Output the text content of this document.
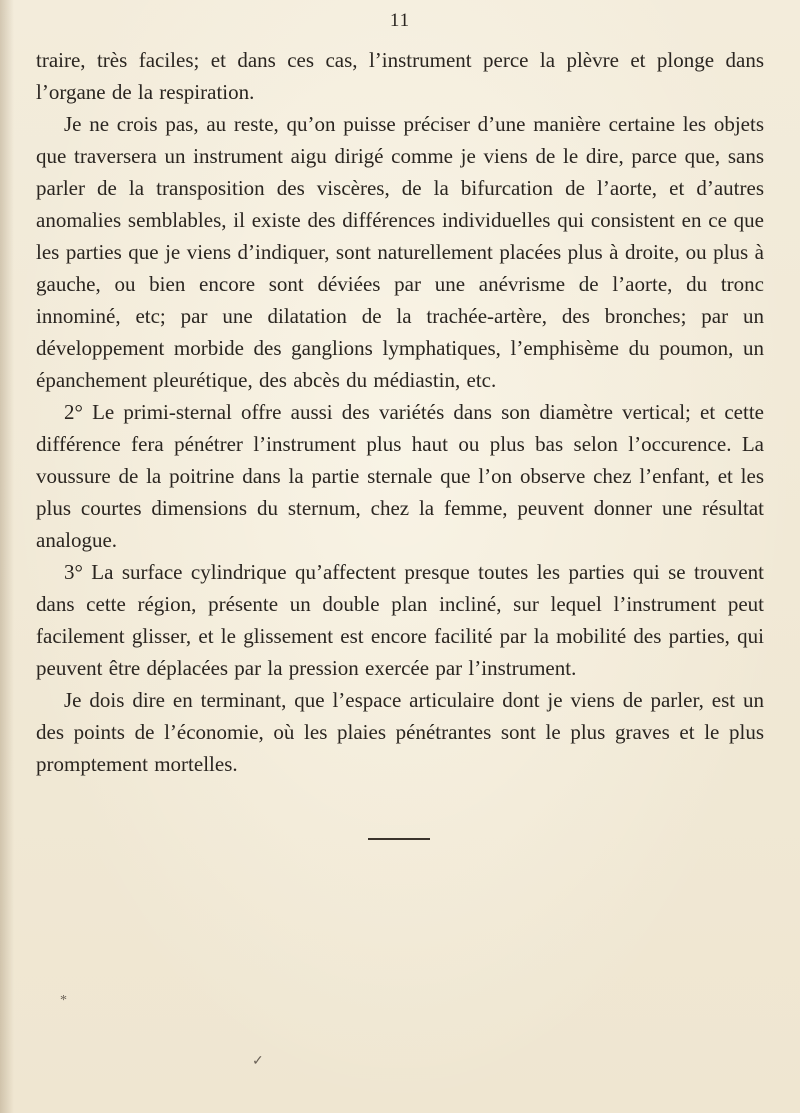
11

traire, très faciles; et dans ces cas, l’instrument perce la plèvre et plonge dans l’organe de la respiration.

Je ne crois pas, au reste, qu’on puisse préciser d’une manière certaine les objets que traversera un instrument aigu dirigé comme je viens de le dire, parce que, sans parler de la transposition des viscères, de la bifurcation de l’aorte, et d’autres anomalies semblables, il existe des différences individuelles qui consistent en ce que les parties que je viens d’indiquer, sont naturellement placées plus à droite, ou plus à gauche, ou bien encore sont déviées par une anévrisme de l’aorte, du tronc innominé, etc; par une dilatation de la trachée-artère, des bronches; par un développement morbide des ganglions lymphatiques, l’emphisème du poumon, un épanchement pleurétique, des abcès du médiastin, etc.

2° Le primi-sternal offre aussi des variétés dans son diamètre vertical; et cette différence fera pénétrer l’instrument plus haut ou plus bas selon l’occurence. La voussure de la poitrine dans la partie sternale que l’on observe chez l’enfant, et les plus courtes dimensions du sternum, chez la femme, peuvent donner une résultat analogue.

3° La surface cylindrique qu’affectent presque toutes les parties qui se trouvent dans cette région, présente un double plan incliné, sur lequel l’instrument peut facilement glisser, et le glissement est encore facilité par la mobilité des parties, qui peuvent être déplacées par la pression exercée par l’instrument.

Je dois dire en terminant, que l’espace articulaire dont je viens de parler, est un des points de l’économie, où les plaies pénétrantes sont le plus graves et le plus promptement mortelles.

*
✓
